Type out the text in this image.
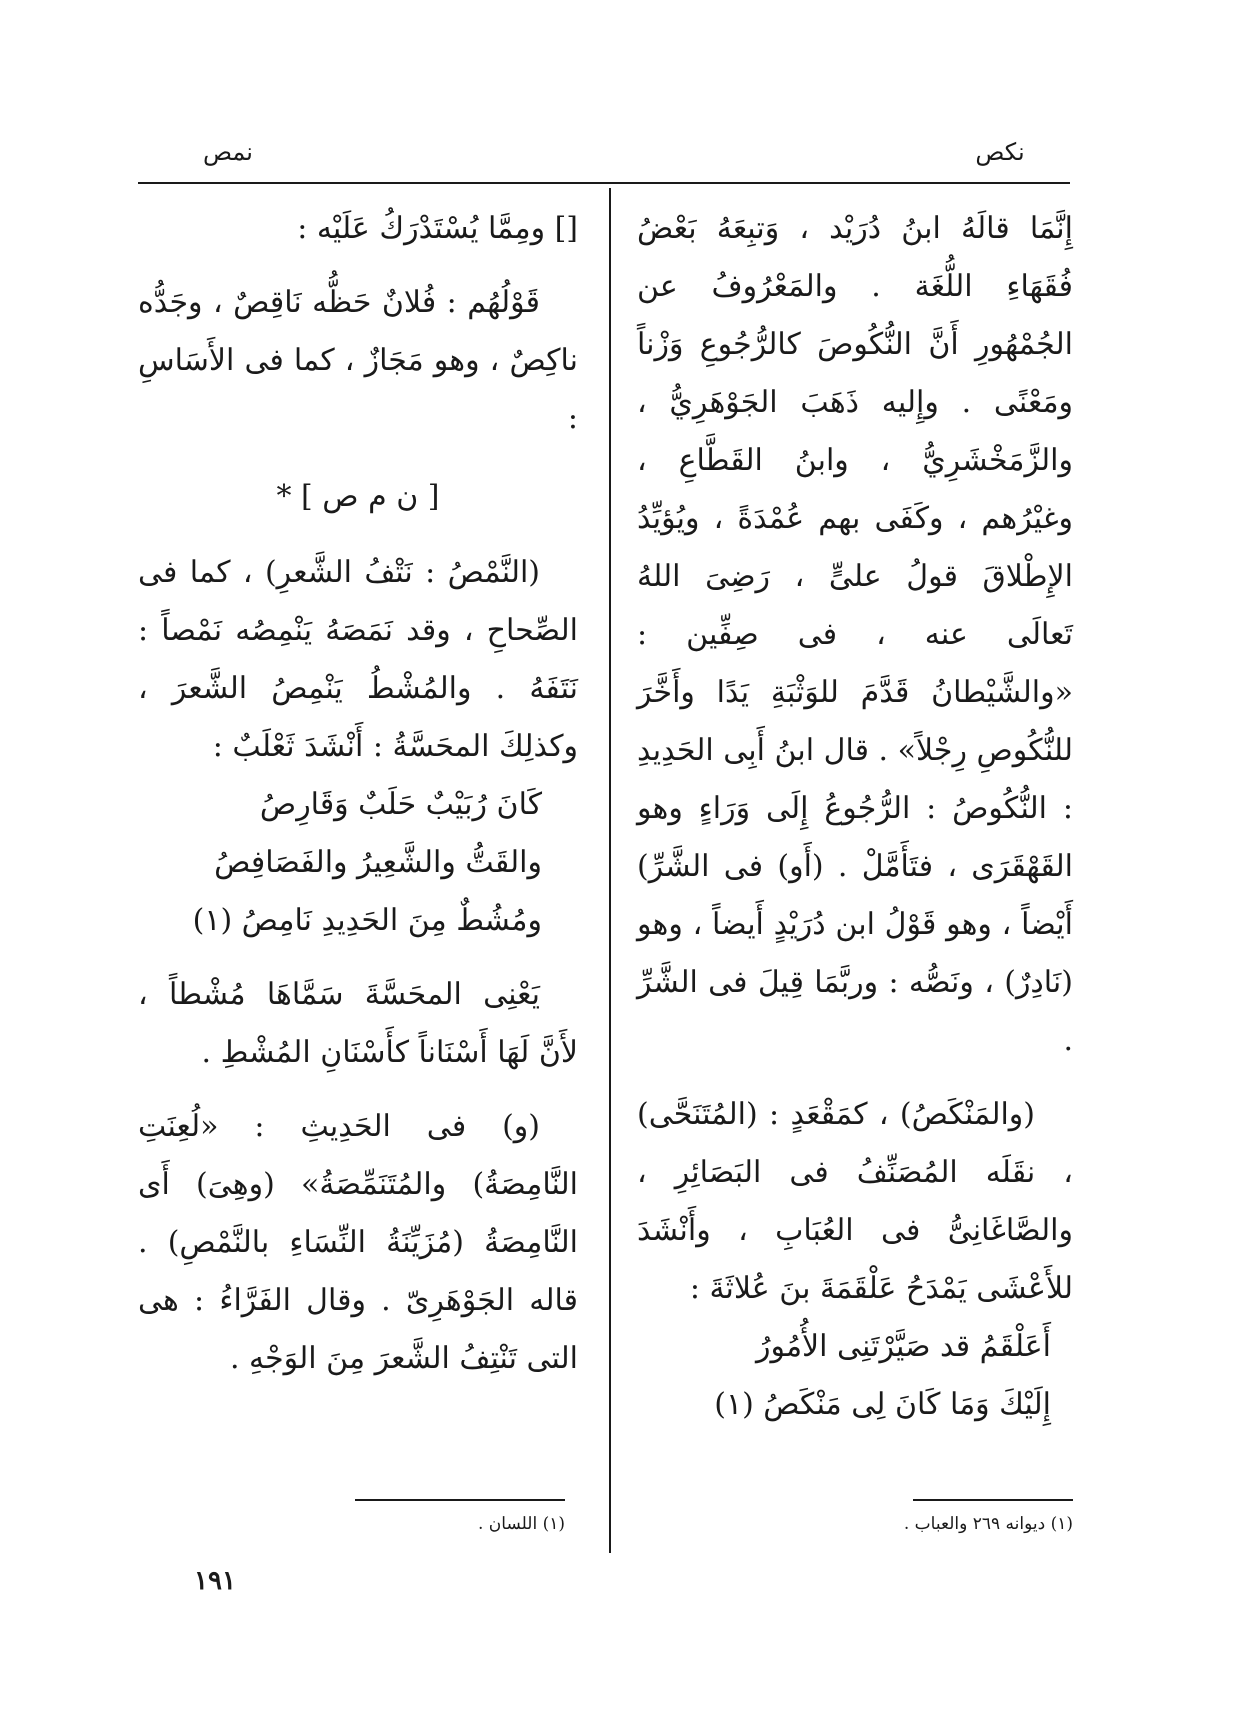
نكص
نمص

إِنَّمَا قالَهُ ابنُ دُرَيْد ، وَتبِعَهُ بَعْضُ فُقَهَاءِ اللُّغَة . والمَعْرُوفُ عن الجُمْهُورِ أَنَّ النُّكُوصَ كالرُّجُوعِ وَزْناً ومَعْنًى . وإِليه ذَهَبَ الجَوْهَرِيُّ ، والزَّمَخْشَرِيُّ ، وابنُ القَطَّاعِ ، وغيْرُهم ، وكَفَى بهم عُمْدَةً ، ويُؤيِّدُ الإِطْلاقَ قولُ علىٍّ ، رَضِىَ اللهُ تَعالَى عنه ، فى صِفِّين : «والشَّيْطانُ قَدَّمَ للوَثْبَةِ يَدًا وأَخَّرَ للنُّكُوصِ رِجْلاً» . قال ابنُ أَبِى الحَدِيدِ : النُّكُوصُ : الرُّجُوعُ إِلَى وَرَاءٍ وهو القَهْقَرَى ، فتَأَمَّلْ . (أَو) فى الشَّرِّ) أَيْضاً ، وهو قَوْلُ ابن دُرَيْدٍ أَيضاً ، وهو (نَادِرٌ) ، ونَصُّه : وربَّمَا قِيلَ فى الشَّرِّ .

(والمَنْكَصُ) ، كمَقْعَدٍ : (المُتَنَحَّى) ، نقَلَه المُصَنِّفُ فى البَصَائِرِ ، والصَّاغَانِىُّ فى العُبَابِ ، وأَنْشَدَ للأَعْشَى يَمْدَحُ عَلْقَمَةَ بنَ عُلاثَةَ :

أَعَلْقَمُ قد صَيَّرْتَنِى الأُمُورُ
إِلَيْكَ وَمَا كَانَ لِى مَنْكَصُ (١)

[] ومِمَّا يُسْتَدْرَكُ عَلَيْه :

قَوْلُهُم : فُلانٌ حَظُّه نَاقِصٌ ، وجَدُّه ناكِصٌ ، وهو مَجَازٌ ، كما فى الأَسَاسِ :

[ ن م ص ] *

(النَّمْصُ : نَتْفُ الشَّعرِ) ، كما فى الصِّحاحِ ، وقد نَمَصَهُ يَنْمِصُه نَمْصاً : نَتَفَهُ . والمُشْطُ يَنْمِصُ الشَّعرَ ، وكذلِكَ المحَسَّةُ : أَنْشَدَ ثَعْلَبٌ :

كَانَ رُبَيْبٌ حَلَبٌ وَقَارِصُ
والقَتُّ والشَّعِيرُ والفَصَافِصُ
ومُشُطٌ مِنَ الحَدِيدِ نَامِصُ (١)

يَعْنِى المحَسَّةَ سَمَّاهَا مُشْطاً ، لأَنَّ لَهَا أَسْنَاناً كأَسْنَانِ المُشْطِ .

(و) فى الحَدِيثِ : «لُعِنَتِ النَّامِصَةُ) والمُتَنَمِّصَةُ» (وهِىَ) أَى النَّامِصَةُ (مُزَيِّنَةُ النِّسَاءِ بالنَّمْصِ) . قاله الجَوْهَرِىّ . وقال الفَرَّاءُ : هى التى تَنْتِفُ الشَّعرَ مِنَ الوَجْهِ .

(١) ديوانه ٢٦٩ والعباب .
(١) اللسان .
١٩١
